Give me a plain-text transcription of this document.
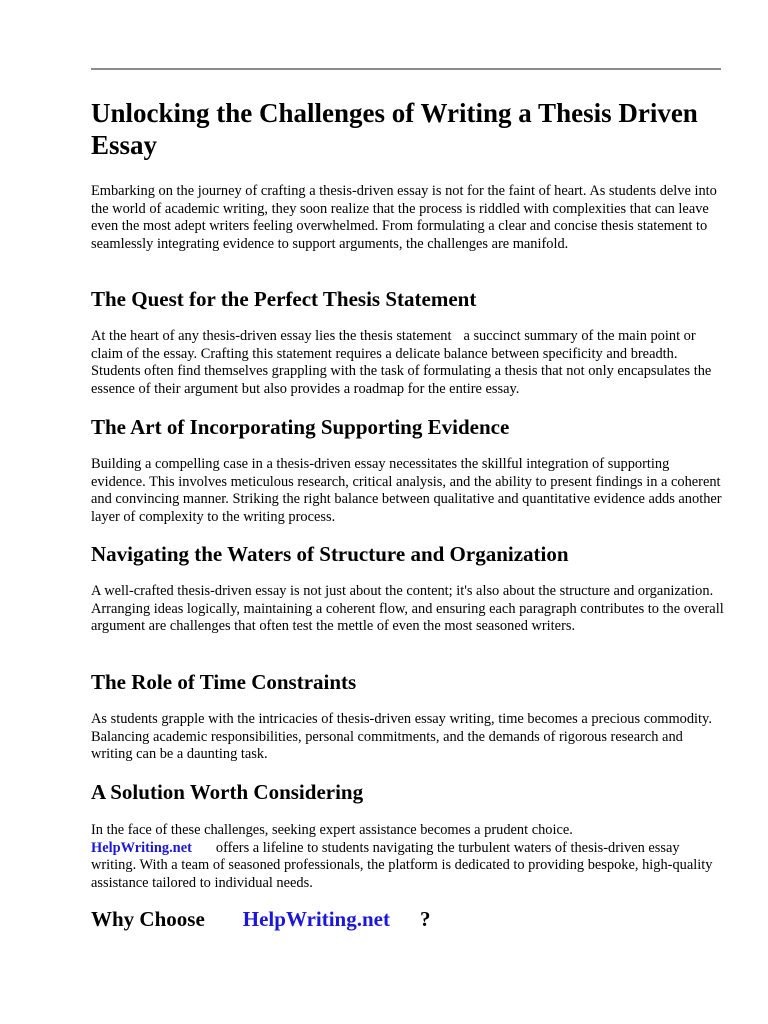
Unlocking the Challenges of Writing a Thesis Driven Essay

Embarking on the journey of crafting a thesis-driven essay is not for the faint of heart. As students delve into the world of academic writing, they soon realize that the process is riddled with complexities that can leave even the most adept writers feeling overwhelmed. From formulating a clear and concise thesis statement to seamlessly integrating evidence to support arguments, the challenges are manifold.

The Quest for the Perfect Thesis Statement

At the heart of any thesis-driven essay lies the thesis statement a succinct summary of the main point or claim of the essay. Crafting this statement requires a delicate balance between specificity and breadth. Students often find themselves grappling with the task of formulating a thesis that not only encapsulates the essence of their argument but also provides a roadmap for the entire essay.

The Art of Incorporating Supporting Evidence

Building a compelling case in a thesis-driven essay necessitates the skillful integration of supporting evidence. This involves meticulous research, critical analysis, and the ability to present findings in a coherent and convincing manner. Striking the right balance between qualitative and quantitative evidence adds another layer of complexity to the writing process.

Navigating the Waters of Structure and Organization

A well-crafted thesis-driven essay is not just about the content; it's also about the structure and organization. Arranging ideas logically, maintaining a coherent flow, and ensuring each paragraph contributes to the overall argument are challenges that often test the mettle of even the most seasoned writers.

The Role of Time Constraints

As students grapple with the intricacies of thesis-driven essay writing, time becomes a precious commodity. Balancing academic responsibilities, personal commitments, and the demands of rigorous research and writing can be a daunting task.

A Solution Worth Considering

In the face of these challenges, seeking expert assistance becomes a prudent choice.
HelpWriting.net offers a lifeline to students navigating the turbulent waters of thesis-driven essay writing. With a team of seasoned professionals, the platform is dedicated to providing bespoke, high-quality assistance tailored to individual needs.

Why Choose HelpWriting.net ?
